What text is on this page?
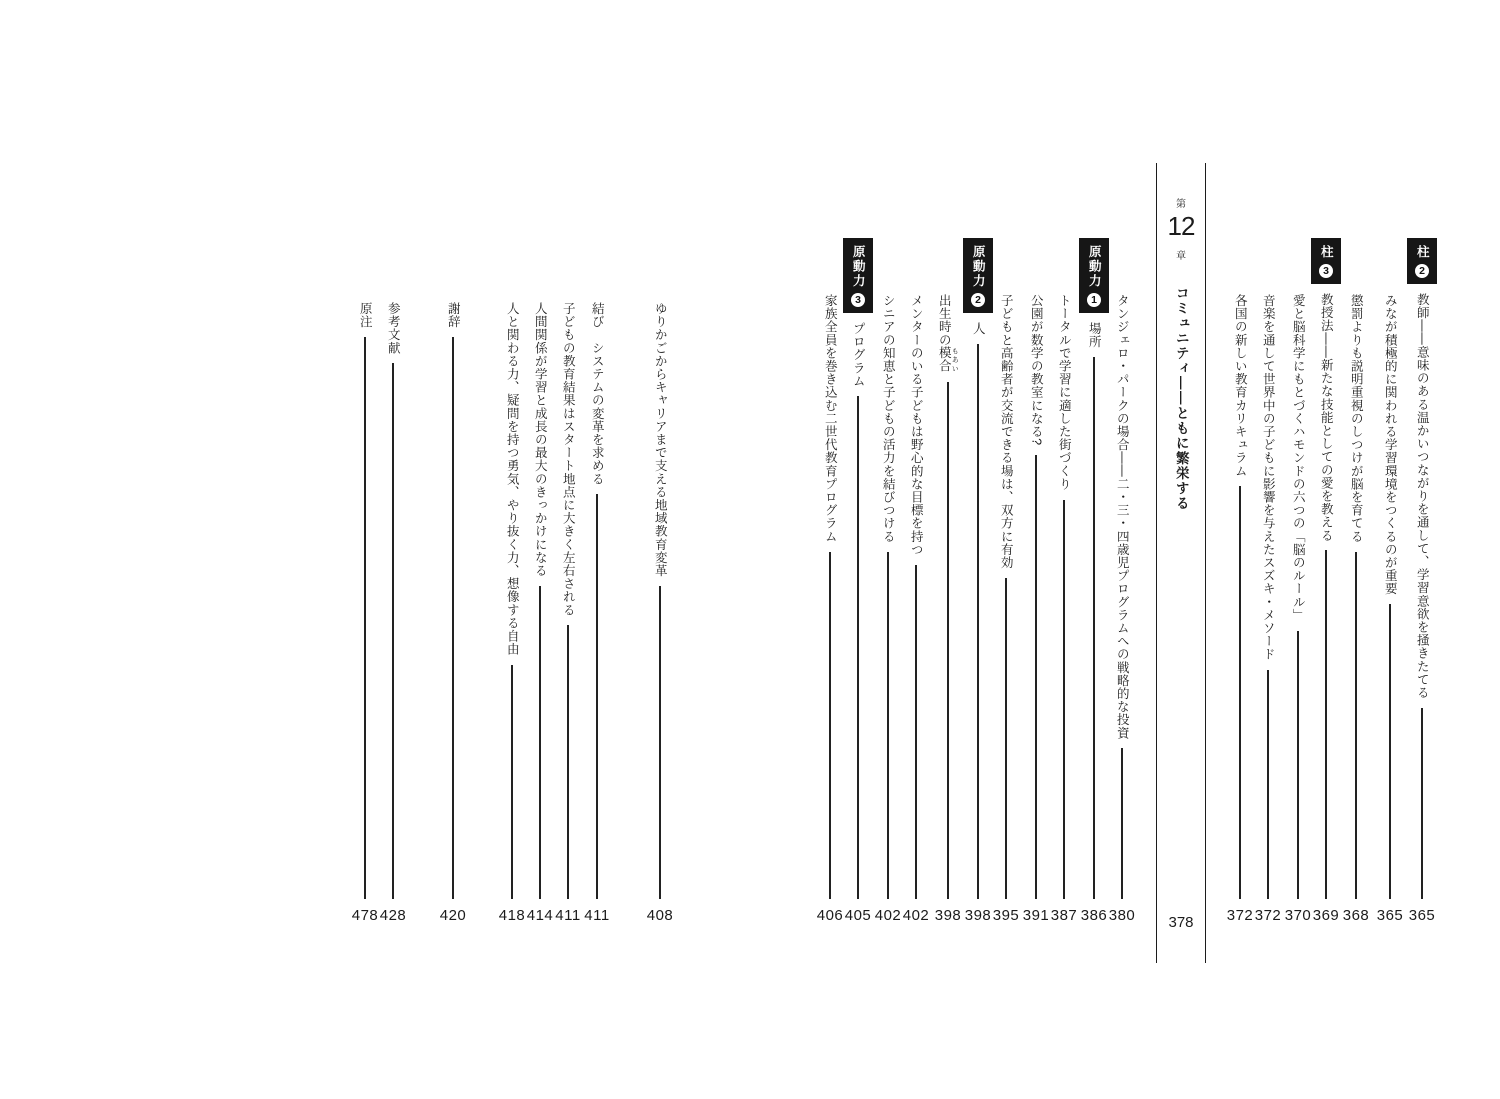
第
12
章
コミュニティ——ともに繁栄する
378
柱
2
教師——意味のある温かいつながりを通して、学習意欲を掻きたてる
365
みなが積極的に関われる学習環境をつくるのが重要
365
懲罰よりも説明重視のしつけが脳を育てる
368
柱
3
教授法——新たな技能としての愛を教える
369
愛と脳科学にもとづくハモンドの六つの「脳のルール」
370
音楽を通して世界中の子どもに影響を与えたスズキ・メソード
372
各国の新しい教育カリキュラム
372
タンジェロ・パークの場合——二・三・四歳児プログラムへの戦略的な投資
380
原動力
1
場所
386
トータルで学習に適した街づくり
387
公園が数学の教室になる?
391
子どもと高齢者が交流できる場は、双方に有効
395
原動力
2
人
398
出生時の模合 もあい
398
メンターのいる子どもは野心的な目標を持つ
402
シニアの知恵と子どもの活力を結びつける
402
原動力
3
プログラム
405
家族全員を巻き込む二世代教育プログラム
406
ゆりかごからキャリアまで支える地域教育変革
408
結び　システムの変革を求める
411
子どもの教育結果はスタート地点に大きく左右される
411
人間関係が学習と成長の最大のきっかけになる
414
人と関わる力、疑問を持つ勇気、やり抜く力、想像する自由
418
謝辞
420
参考文献
428
原注
478
